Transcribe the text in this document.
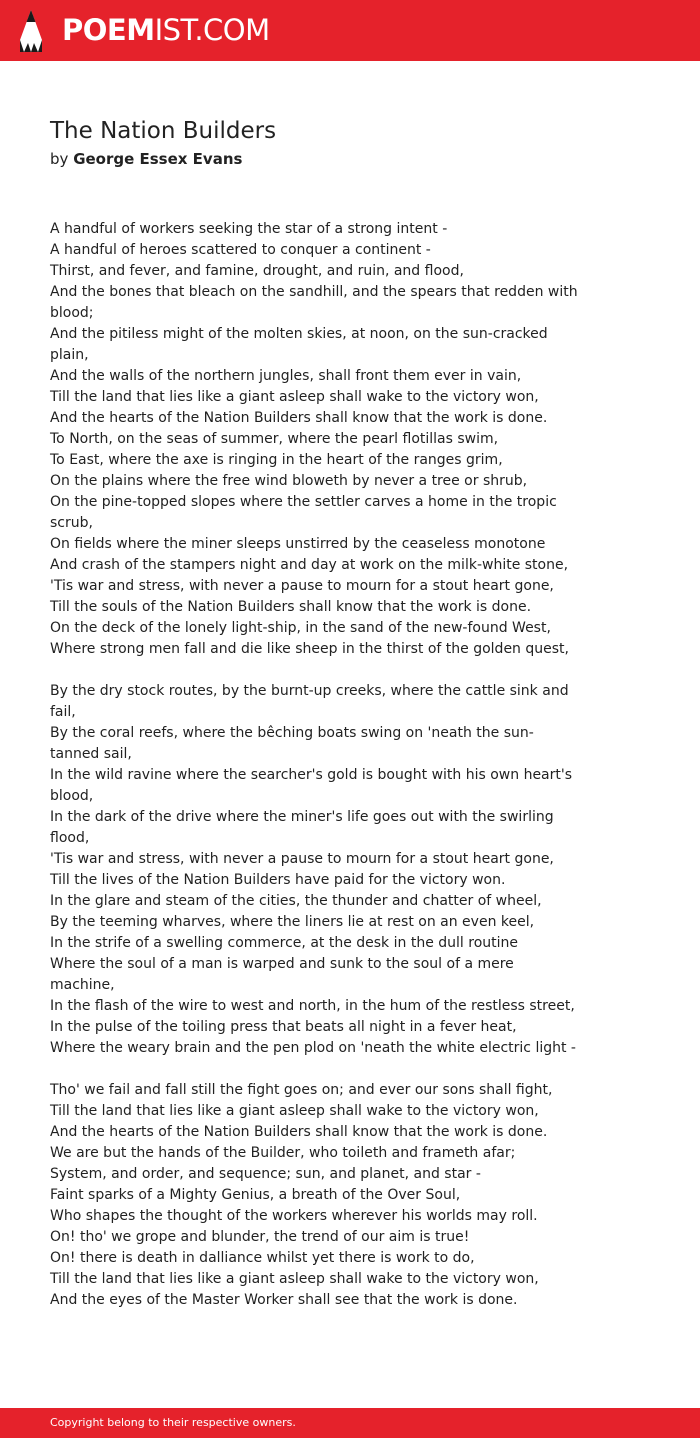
POEMIST.COM
The Nation Builders
by George Essex Evans
A handful of workers seeking the star of a strong intent -
A handful of heroes scattered to conquer a continent -
Thirst, and fever, and famine, drought, and ruin, and flood,
And the bones that bleach on the sandhill, and the spears that redden with blood;
And the pitiless might of the molten skies, at noon, on the sun-cracked plain,
And the walls of the northern jungles, shall front them ever in vain,
Till the land that lies like a giant asleep shall wake to the victory won,
And the hearts of the Nation Builders shall know that the work is done.
To North, on the seas of summer, where the pearl flotillas swim,
To East, where the axe is ringing in the heart of the ranges grim,
On the plains where the free wind bloweth by never a tree or shrub,
On the pine-topped slopes where the settler carves a home in the tropic scrub,
On fields where the miner sleeps unstirred by the ceaseless monotone
And crash of the stampers night and day at work on the milk-white stone,
'Tis war and stress, with never a pause to mourn for a stout heart gone,
Till the souls of the Nation Builders shall know that the work is done.
On the deck of the lonely light-ship, in the sand of the new-found West,
Where strong men fall and die like sheep in the thirst of the golden quest,
By the dry stock routes, by the burnt-up creeks, where the cattle sink and fail,
By the coral reefs, where the bêching boats swing on 'neath the sun-tanned sail,
In the wild ravine where the searcher's gold is bought with his own heart's blood,
In the dark of the drive where the miner's life goes out with the swirling flood,
'Tis war and stress, with never a pause to mourn for a stout heart gone,
Till the lives of the Nation Builders have paid for the victory won.
In the glare and steam of the cities, the thunder and chatter of wheel,
By the teeming wharves, where the liners lie at rest on an even keel,
In the strife of a swelling commerce, at the desk in the dull routine
Where the soul of a man is warped and sunk to the soul of a mere machine,
In the flash of the wire to west and north, in the hum of the restless street,
In the pulse of the toiling press that beats all night in a fever heat,
Where the weary brain and the pen plod on 'neath the white electric light -
Tho' we fail and fall still the fight goes on; and ever our sons shall fight,
Till the land that lies like a giant asleep shall wake to the victory won,
And the hearts of the Nation Builders shall know that the work is done.
We are but the hands of the Builder, who toileth and frameth afar;
System, and order, and sequence; sun, and planet, and star -
Faint sparks of a Mighty Genius, a breath of the Over Soul,
Who shapes the thought of the workers wherever his worlds may roll.
On! tho' we grope and blunder, the trend of our aim is true!
On! there is death in dalliance whilst yet there is work to do,
Till the land that lies like a giant asleep shall wake to the victory won,
And the eyes of the Master Worker shall see that the work is done.
Copyright belong to their respective owners.
